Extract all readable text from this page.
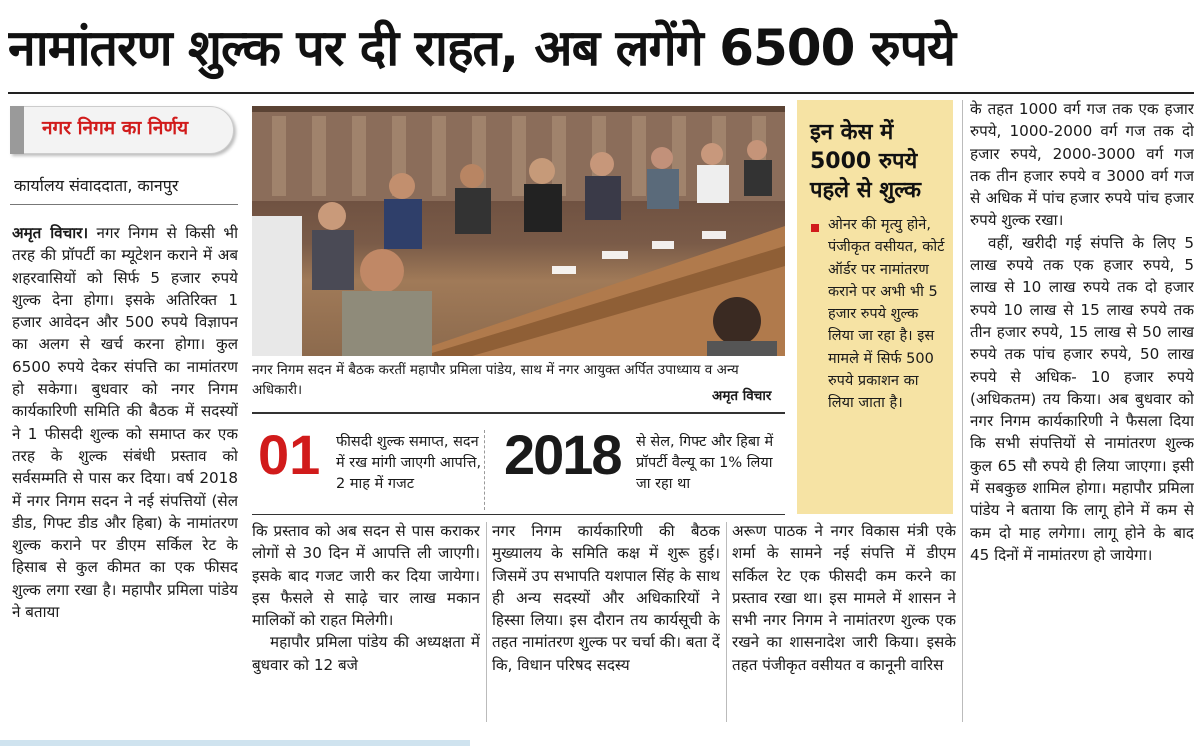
नामांतरण शुल्क पर दी राहत, अब लगेंगे 6500 रुपये
नगर निगम का निर्णय
कार्यालय संवाददाता, कानपुर

अमृत विचार। नगर निगम से किसी भी तरह की प्रॉपर्टी का म्यूटेशन कराने में अब शहरवासियों को सिर्फ 5 हजार रुपये शुल्क देना होगा। इसके अतिरिक्त 1 हजार आवेदन और 500 रुपये विज्ञापन का अलग से खर्च करना होगा। कुल 6500 रुपये देकर संपत्ति का नामांतरण हो सकेगा। बुधवार को नगर निगम कार्यकारिणी समिति की बैठक में सदस्यों ने 1 फीसदी शुल्क को समाप्त कर एक तरह के शुल्क संबंधी प्रस्ताव को सर्वसम्मति से पास कर दिया। वर्ष 2018 में नगर निगम सदन ने नई संपत्तियों (सेल डीड, गिफ्ट डीड और हिबा) के नामांतरण शुल्क कराने पर डीएम सर्किल रेट के हिसाब से कुल कीमत का एक फीसद शुल्क लगा रखा है। महापौर प्रमिला पांडेय ने बताया

नगर निगम सदन में बैठक करतीं महापौर प्रमिला पांडेय, साथ में नगर आयुक्त अर्पित उपाध्याय व अन्य अधिकारी।	अमृत विचार
01 फीसदी शुल्क समाप्त, सदन में रख मांगी जाएगी आपत्ति, 2 माह में गजट	2018 से सेल, गिफ्ट और हिबा में प्रॉपर्टी वैल्यू का 1% लिया जा रहा था

कि प्रस्ताव को अब सदन से पास कराकर लोगों से 30 दिन में आपत्ति ली जाएगी। इसके बाद गजट जारी कर दिया जायेगा। इस फैसले से साढ़े चार लाख मकान मालिकों को राहत मिलेगी।

महापौर प्रमिला पांडेय की अध्यक्षता में बुधवार को 12 बजे

नगर निगम कार्यकारिणी की बैठक मुख्यालय के समिति कक्ष में शुरू हुई। जिसमें उप सभापति यशपाल सिंह के साथ ही अन्य सदस्यों और अधिकारियों ने हिस्सा लिया। इस दौरान तय कार्यसूची के तहत नामांतरण शुल्क पर चर्चा की। बता दें कि, विधान परिषद सदस्य

अरूण पाठक ने नगर विकास मंत्री एके शर्मा के सामने नई संपत्ति में डीएम सर्किल रेट एक फीसदी कम करने का प्रस्ताव रखा था। इस मामले में शासन ने सभी नगर निगम ने नामांतरण शुल्क एक रखने का शासनादेश जारी किया। इसके तहत पंजीकृत वसीयत व कानूनी वारिस

इन केस में 5000 रुपये पहले से शुल्क
ओनर की मृत्यु होने, पंजीकृत वसीयत, कोर्ट ऑर्डर पर नामांतरण कराने पर अभी भी 5 हजार रुपये शुल्क लिया जा रहा है। इस मामले में सिर्फ 500 रुपये प्रकाशन का लिया जाता है।

के तहत 1000 वर्ग गज तक एक हजार रुपये, 1000-2000 वर्ग गज तक दो हजार रुपये, 2000-3000 वर्ग गज तक तीन हजार रुपये व 3000 वर्ग गज से अधिक में पांच हजार रुपये पांच हजार रुपये शुल्क रखा।

वहीं, खरीदी गई संपत्ति के लिए 5 लाख रुपये तक एक हजार रुपये, 5 लाख से 10 लाख रुपये तक दो हजार रुपये 10 लाख से 15 लाख रुपये तक तीन हजार रुपये, 15 लाख से 50 लाख रुपये तक पांच हजार रुपये, 50 लाख रुपये से अधिक- 10 हजार रुपये (अधिकतम) तय किया। अब बुधवार को नगर निगम कार्यकारिणी ने फैसला दिया कि सभी संपत्तियों से नामांतरण शुल्क कुल 65 सौ रुपये ही लिया जाएगा। इसी में सबकुछ शामिल होगा। महापौर प्रमिला पांडेय ने बताया कि लागू होने में कम से कम दो माह लगेगा। लागू होने के बाद 45 दिनों में नामांतरण हो जायेगा।
